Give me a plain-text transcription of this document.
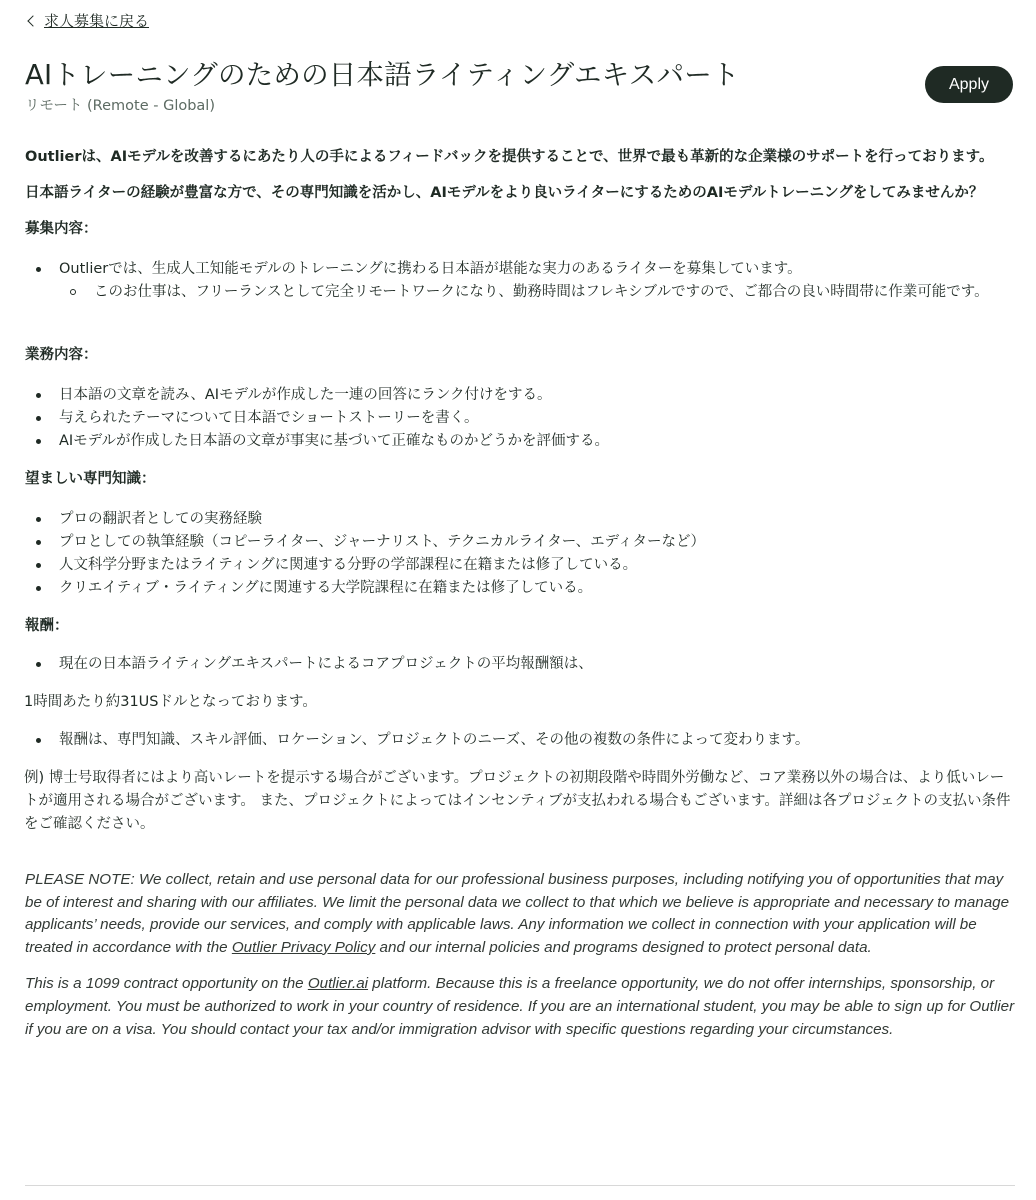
求人募集に戻る
AIトレーニングのための日本語ライティングエキスパート
リモート (Remote - Global)
Apply

Outlierは、AIモデルを改善するにあたり人の手によるフィードバックを提供することで、世界で最も革新的な企業様のサポートを行っております。

日本語ライターの経験が豊富な方で、その専門知識を活かし、AIモデルをより良いライターにするためのAIモデルトレーニングをしてみませんか？

募集内容：

Outlierでは、生成人工知能モデルのトレーニングに携わる日本語が堪能な実力のあるライターを募集しています。
このお仕事は、フリーランスとして完全リモートワークになり、勤務時間はフレキシブルですので、ご都合の良い時間帯に作業可能です。

業務内容：

日本語の文章を読み、AIモデルが作成した一連の回答にランク付けをする。
与えられたテーマについて日本語でショートストーリーを書く。
AIモデルが作成した日本語の文章が事実に基づいて正確なものかどうかを評価する。

望ましい専門知識：

プロの翻訳者としての実務経験
プロとしての執筆経験（コピーライター、ジャーナリスト、テクニカルライター、エディターなど）
人文科学分野またはライティングに関連する分野の学部課程に在籍または修了している。
クリエイティブ・ライティングに関連する大学院課程に在籍または修了している。

報酬：

現在の日本語ライティングエキスパートによるコアプロジェクトの平均報酬額は、

1時間あたり約31USドルとなっております。

報酬は、専門知識、スキル評価、ロケーション、プロジェクトのニーズ、その他の複数の条件によって変わります。

例) 博士号取得者にはより高いレートを提示する場合がございます。プロジェクトの初期段階や時間外労働など、コア業務以外の場合は、より低いレートが適用される場合がございます。 また、プロジェクトによってはインセンティブが支払われる場合もございます。詳細は各プロジェクトの支払い条件をご確認ください。

PLEASE NOTE: We collect, retain and use personal data for our professional business purposes, including notifying you of opportunities that may be of interest and sharing with our affiliates. We limit the personal data we collect to that which we believe is appropriate and necessary to manage applicants’ needs, provide our services, and comply with applicable laws. Any information we collect in connection with your application will be treated in accordance with the Outlier Privacy Policy and our internal policies and programs designed to protect personal data.

This is a 1099 contract opportunity on the Outlier.ai platform. Because this is a freelance opportunity, we do not offer internships, sponsorship, or employment. You must be authorized to work in your country of residence. If you are an international student, you may be able to sign up for Outlier if you are on a visa. You should contact your tax and/or immigration advisor with specific questions regarding your circumstances.
